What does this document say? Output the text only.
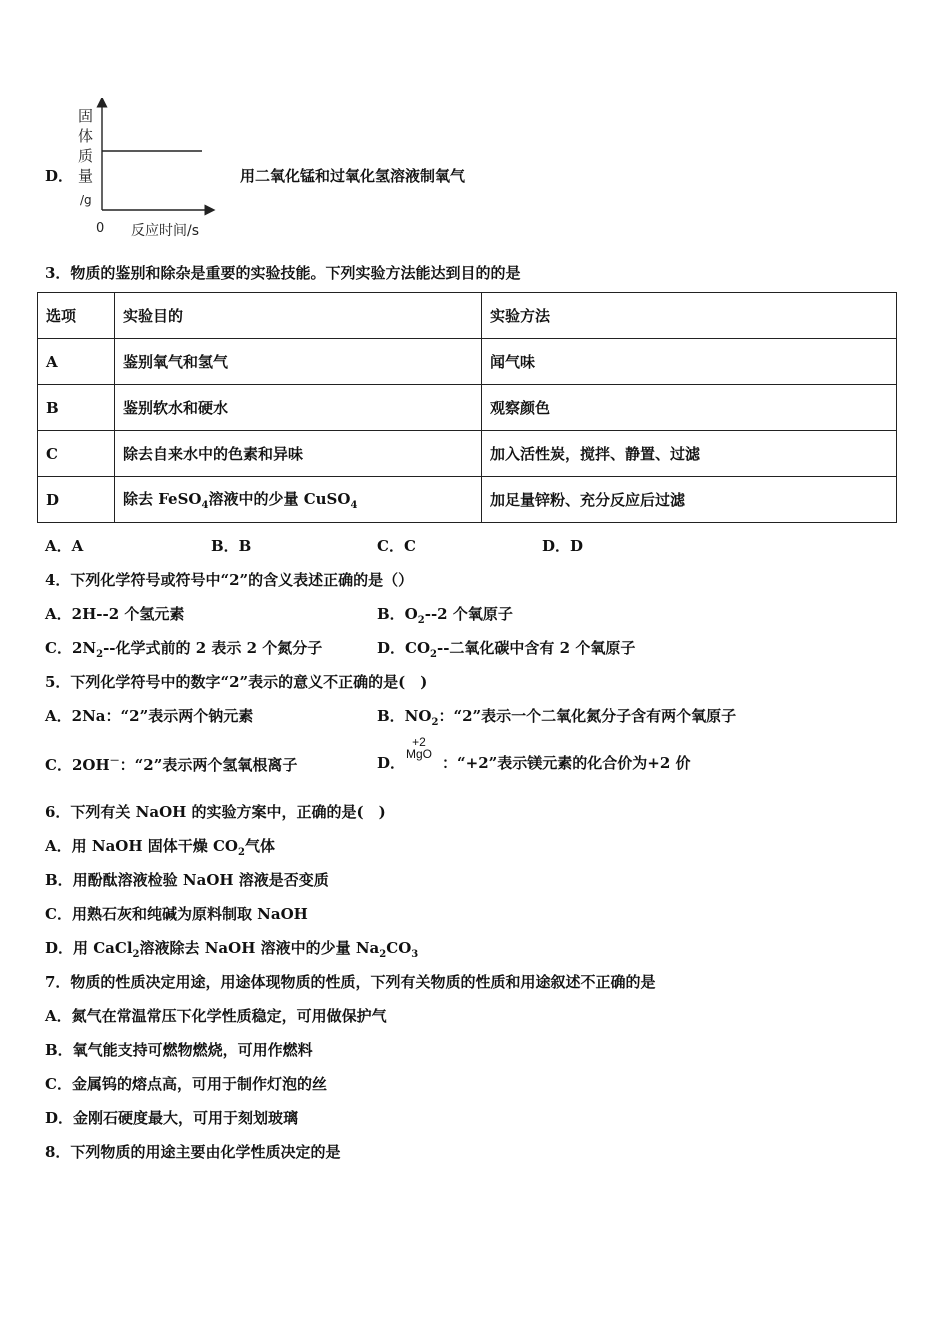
D．
固
体
质
量
/g
0 反应时间/s
用二氧化锰和过氧化氢溶液制氧气
3．物质的鉴别和除杂是重要的实验技能。下列实验方法能达到目的的是
选项	实验目的	实验方法
A	鉴别氧气和氢气	闻气味
B	鉴别软水和硬水	观察颜色
C	除去自来水中的色素和异味	加入活性炭，搅拌、静置、过滤
D	除去 FeSO$_4$溶液中的少量 CuSO$_4$	加足量锌粉、充分反应后过滤
A．A	B．B	C．C	D．D
4．下列化学符号或符号中“2”的含义表述正确的是（）
A．2H--2 个氢元素	B．$O_2--2$ 个氧原子
C．$2N_2--$化学式前的 2 表示 2 个氮分子	D．$CO_2--$二氧化碳中含有 2 个氧原子
5．下列化学符号中的数字“2”表示的意义不正确的是(　)
A．2Na：“2”表示两个钠元素	B．$NO_2$：“2”表示一个二氧化氮分子含有两个氧原子
C．2OH－：“2”表示两个氢氧根离子	D．
+2
MgO ：“+2”表示镁元素的化合价为+2 价
6．下列有关 NaOH 的实验方案中，正确的是(　)
A．用 NaOH 固体干燥 $CO_2$气体
B．用酚酞溶液检验 NaOH 溶液是否变质
C．用熟石灰和纯碱为原料制取 NaOH
D．用 CaCl$_2$溶液除去 NaOH 溶液中的少量 $Na_2CO_3$
7．物质的性质决定用途，用途体现物质的性质，下列有关物质的性质和用途叙述不正确的是
A．氮气在常温常压下化学性质稳定，可用做保护气
B．氧气能支持可燃物燃烧，可用作燃料
C．金属钨的熔点高，可用于制作灯泡的丝
D．金刚石硬度最大，可用于刻划玻璃
8．下列物质的用途主要由化学性质决定的是
